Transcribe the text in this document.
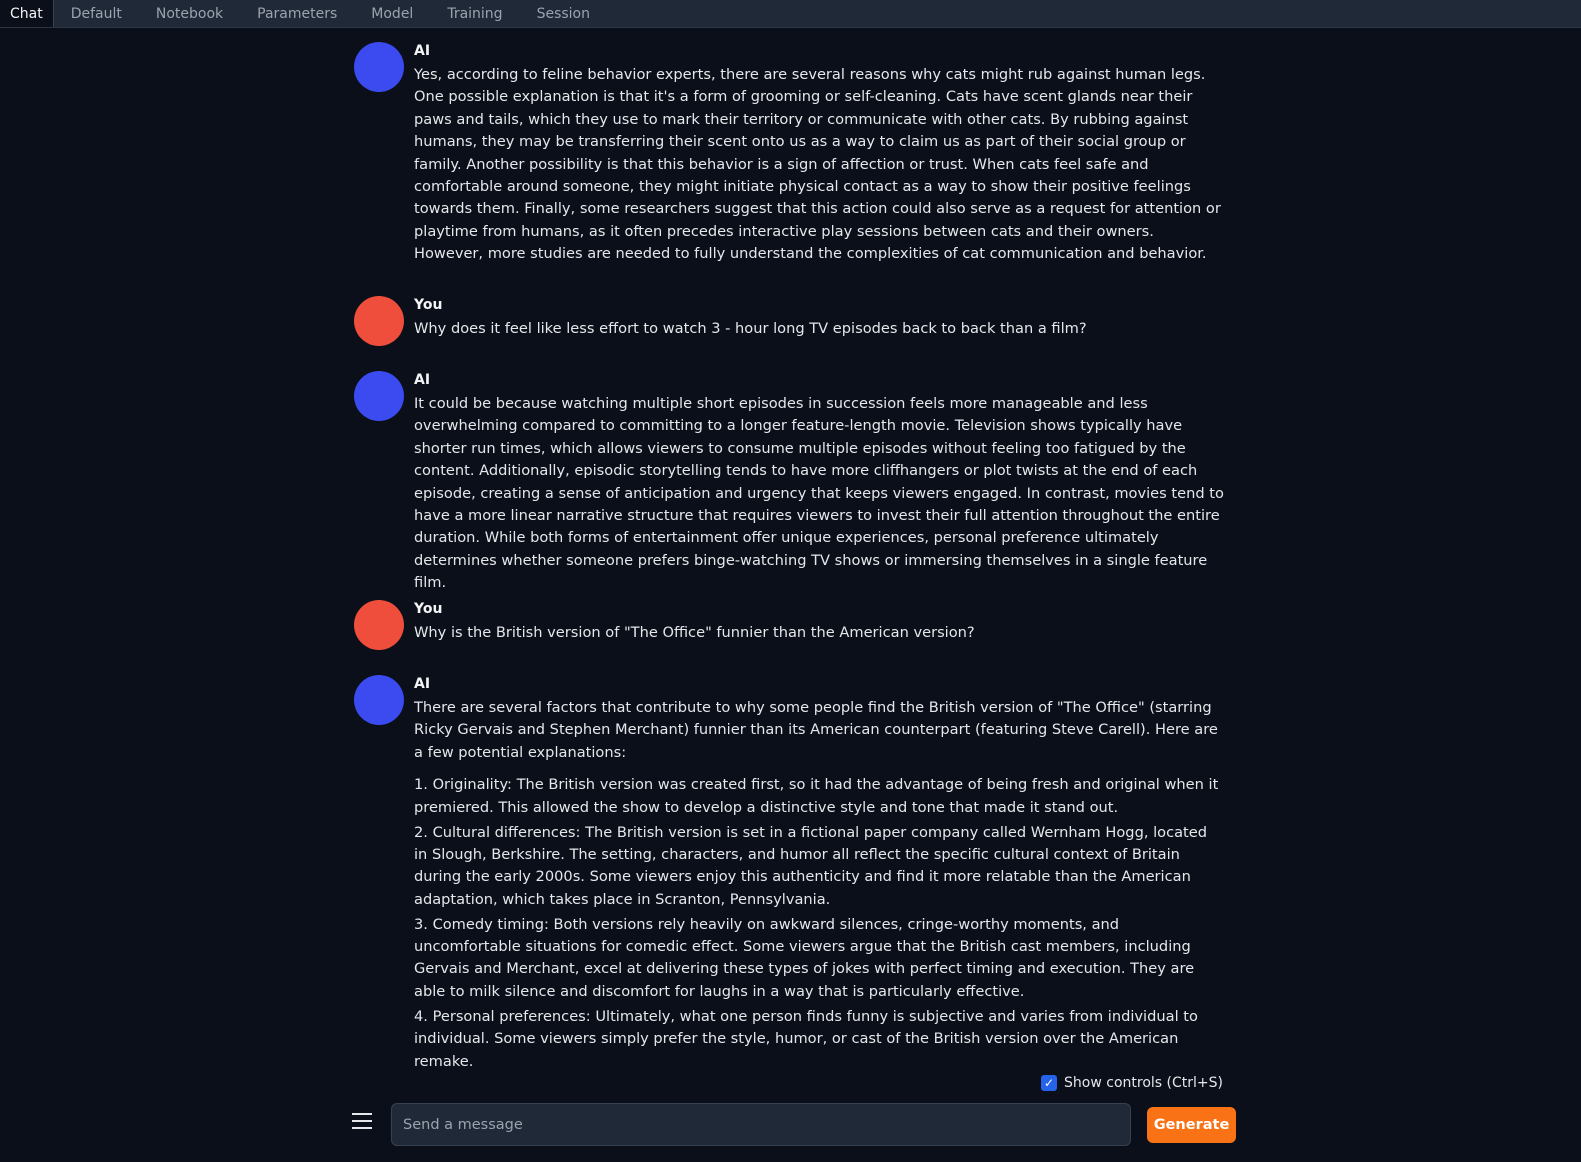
Chat	Default	Notebook	Parameters	Model	Training	Session
AI
Yes, according to feline behavior experts, there are several reasons why cats might rub against human legs. One possible explanation is that it's a form of grooming or self-cleaning. Cats have scent glands near their paws and tails, which they use to mark their territory or communicate with other cats. By rubbing against humans, they may be transferring their scent onto us as a way to claim us as part of their social group or family. Another possibility is that this behavior is a sign of affection or trust. When cats feel safe and comfortable around someone, they might initiate physical contact as a way to show their positive feelings towards them. Finally, some researchers suggest that this action could also serve as a request for attention or playtime from humans, as it often precedes interactive play sessions between cats and their owners. However, more studies are needed to fully understand the complexities of cat communication and behavior.
You
Why does it feel like less effort to watch 3 - hour long TV episodes back to back than a film?
AI
It could be because watching multiple short episodes in succession feels more manageable and less overwhelming compared to committing to a longer feature-length movie. Television shows typically have shorter run times, which allows viewers to consume multiple episodes without feeling too fatigued by the content. Additionally, episodic storytelling tends to have more cliffhangers or plot twists at the end of each episode, creating a sense of anticipation and urgency that keeps viewers engaged. In contrast, movies tend to have a more linear narrative structure that requires viewers to invest their full attention throughout the entire duration. While both forms of entertainment offer unique experiences, personal preference ultimately determines whether someone prefers binge-watching TV shows or immersing themselves in a single feature film.
You
Why is the British version of "The Office" funnier than the American version?
AI
There are several factors that contribute to why some people find the British version of "The Office" (starring Ricky Gervais and Stephen Merchant) funnier than its American counterpart (featuring Steve Carell). Here are a few potential explanations:
1. Originality: The British version was created first, so it had the advantage of being fresh and original when it premiered. This allowed the show to develop a distinctive style and tone that made it stand out.
2. Cultural differences: The British version is set in a fictional paper company called Wernham Hogg, located in Slough, Berkshire. The setting, characters, and humor all reflect the specific cultural context of Britain during the early 2000s. Some viewers enjoy this authenticity and find it more relatable than the American adaptation, which takes place in Scranton, Pennsylvania.
3. Comedy timing: Both versions rely heavily on awkward silences, cringe-worthy moments, and uncomfortable situations for comedic effect. Some viewers argue that the British cast members, including Gervais and Merchant, excel at delivering these types of jokes with perfect timing and execution. They are able to milk silence and discomfort for laughs in a way that is particularly effective.
4. Personal preferences: Ultimately, what one person finds funny is subjective and varies from individual to individual. Some viewers simply prefer the style, humor, or cast of the British version over the American remake.
✓ Show controls (Ctrl+S)
Send a message
Generate
